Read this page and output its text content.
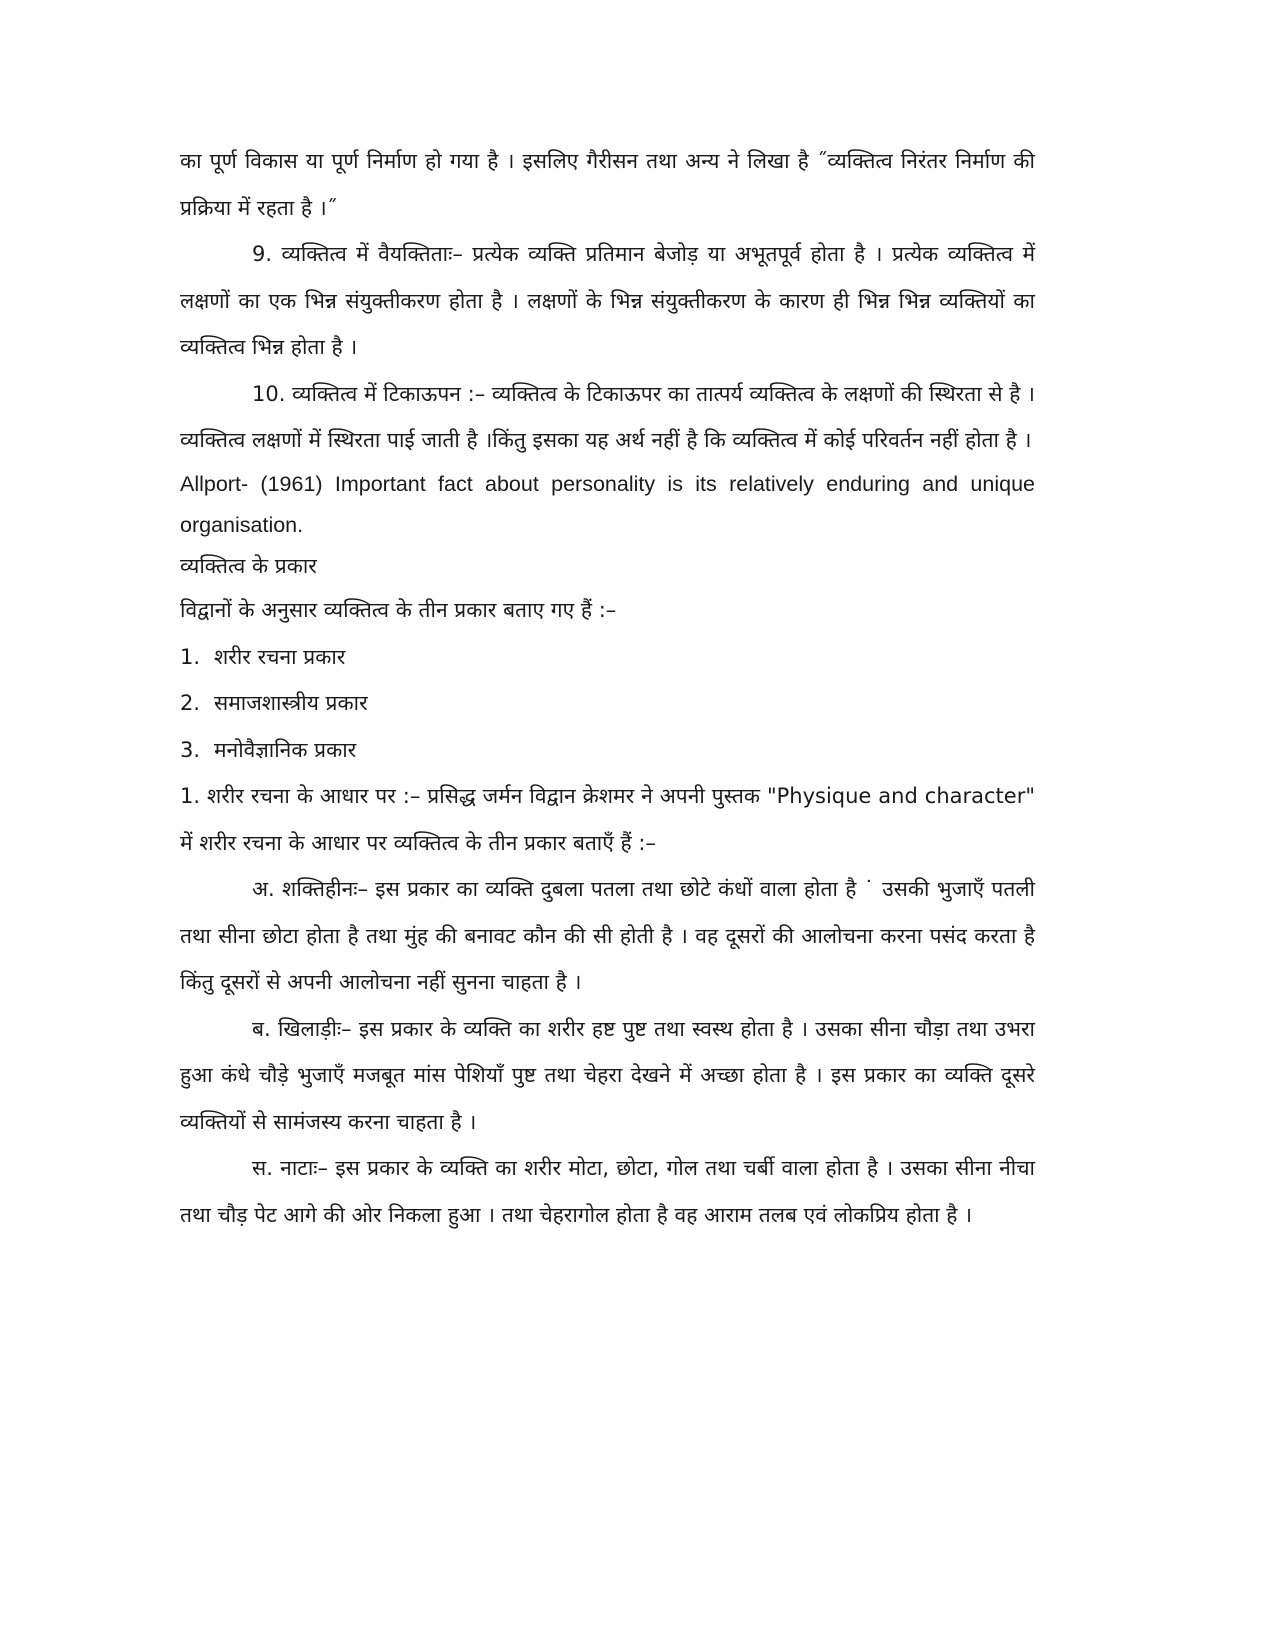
का पूर्ण विकास या पूर्ण निर्माण हो गया है । इसलिए गैरीसन तथा अन्य ने लिखा है ˝व्यक्तित्व निरंतर निर्माण की प्रक्रिया में रहता है ।˝

9. व्यक्तित्व में वैयक्तिताः– प्रत्येक व्यक्ति प्रतिमान बेजोड़ या अभूतपूर्व होता है । प्रत्येक व्यक्तित्व में लक्षणों का एक भिन्न संयुक्तीकरण होता है । लक्षणों के भिन्न संयुक्तीकरण के कारण ही भिन्न भिन्न व्यक्तियों का व्यक्तित्व भिन्न होता है ।

10. व्यक्तित्व में टिकाऊपन :– व्यक्तित्व के टिकाऊपर का तात्पर्य व्यक्तित्व के लक्षणों की स्थिरता से है । व्यक्तित्व लक्षणों में स्थिरता पाई जाती है ।किंतु इसका यह अर्थ नहीं है कि व्यक्तित्व में कोई परिवर्तन नहीं होता है ।

Allport- (1961) Important fact about personality is its relatively enduring and unique organisation.

व्यक्तित्व के प्रकार

विद्वानों के अनुसार व्यक्तित्व के तीन प्रकार बताए गए हैं :–

1. शरीर रचना प्रकार

2. समाजशास्त्रीय प्रकार

3. मनोवैज्ञानिक प्रकार

1. शरीर रचना के आधार पर :– प्रसिद्ध जर्मन विद्वान क्रेशमर ने अपनी पुस्तक "Physique and character" में शरीर रचना के आधार पर व्यक्तित्व के तीन प्रकार बताएँ हैं :–

अ. शक्तिहीनः– इस प्रकार का व्यक्ति दुबला पतला तथा छोटे कंधों वाला होता है ˙ उसकी भुजाएँ पतली तथा सीना छोटा होता है तथा मुंह की बनावट कौन की सी होती है । वह दूसरों की आलोचना करना पसंद करता है किंतु दूसरों से अपनी आलोचना नहीं सुनना चाहता है ।

ब. खिलाड़ीः– इस प्रकार के व्यक्ति का शरीर हष्ट पुष्ट तथा स्वस्थ होता है । उसका सीना चौड़ा तथा उभरा हुआ कंधे चौड़े भुजाएँ मजबूत मांस पेशियाँ पुष्ट तथा चेहरा देखने में अच्छा होता है । इस प्रकार का व्यक्ति दूसरे व्यक्तियों से सामंजस्य करना चाहता है ।

स. नाटाः– इस प्रकार के व्यक्ति का शरीर मोटा, छोटा, गोल तथा चर्बी वाला होता है । उसका सीना नीचा तथा चौड़ पेट आगे की ओर निकला हुआ । तथा चेहरागोल होता है वह आराम तलब एवं लोकप्रिय होता है ।
